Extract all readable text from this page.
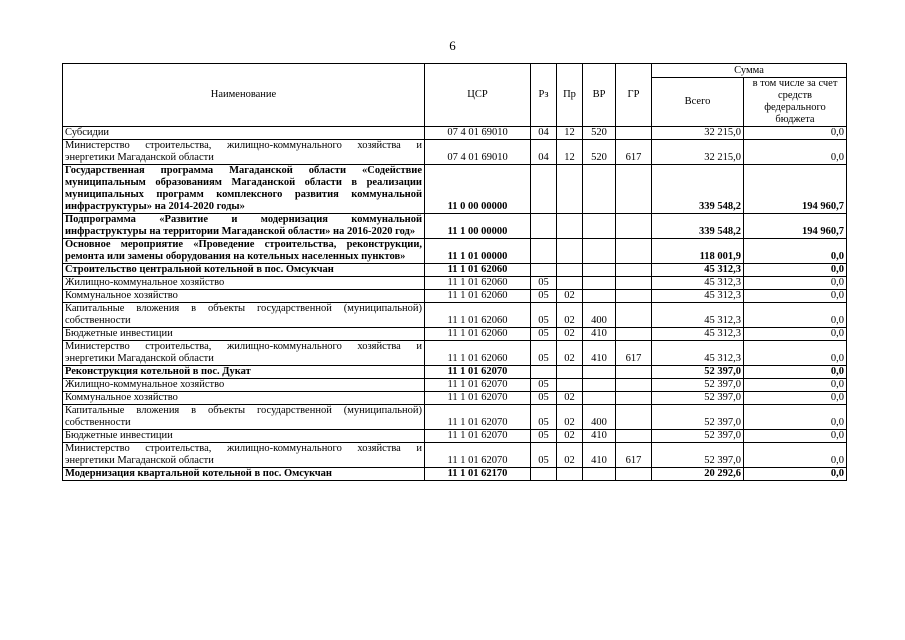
6
Наименование	ЦСР	Рз	Пр	ВР	ГР	Сумма	
						Всего	в том числе за счет средств федерального бюджета
Субсидии	07 4 01 69010	04	12	520		32 215,0	0,0
Министерство строительства, жилищно-коммунального хозяйства и энергетики Магаданской области	07 4 01 69010	04	12	520	617	32 215,0	0,0
Государственная программа Магаданской области «Содействие муниципальным образованиям Магаданской области в реализации муниципальных программ комплексного развития коммунальной инфраструктуры» на 2014-2020 годы»	11 0 00 00000					339 548,2	194 960,7
Подпрограмма «Развитие и модернизация коммунальной инфраструктуры на территории Магаданской области» на 2016-2020 год»	11 1 00 00000					339 548,2	194 960,7
Основное мероприятие «Проведение строительства, реконструкции, ремонта или замены оборудования на котельных населенных пунктов»	11 1 01 00000					118 001,9	0,0
Строительство центральной котельной в пос. Омсукчан	11 1 01 62060					45 312,3	0,0
Жилищно-коммунальное хозяйство	11 1 01 62060	05				45 312,3	0,0
Коммунальное хозяйство	11 1 01 62060	05	02			45 312,3	0,0
Капитальные вложения в объекты государственной (муниципальной) собственности	11 1 01 62060	05	02	400		45 312,3	0,0
Бюджетные инвестиции	11 1 01 62060	05	02	410		45 312,3	0,0
Министерство строительства, жилищно-коммунального хозяйства и энергетики Магаданской области	11 1 01 62060	05	02	410	617	45 312,3	0,0
Реконструкция котельной в пос. Дукат	11 1 01 62070					52 397,0	0,0
Жилищно-коммунальное хозяйство	11 1 01 62070	05				52 397,0	0,0
Коммунальное хозяйство	11 1 01 62070	05	02			52 397,0	0,0
Капитальные вложения в объекты государственной (муниципальной) собственности	11 1 01 62070	05	02	400		52 397,0	0,0
Бюджетные инвестиции	11 1 01 62070	05	02	410		52 397,0	0,0
Министерство строительства, жилищно-коммунального хозяйства и энергетики Магаданской области	11 1 01 62070	05	02	410	617	52 397,0	0,0
Модернизация квартальной котельной в пос. Омсукчан	11 1 01 62170					20 292,6	0,0
